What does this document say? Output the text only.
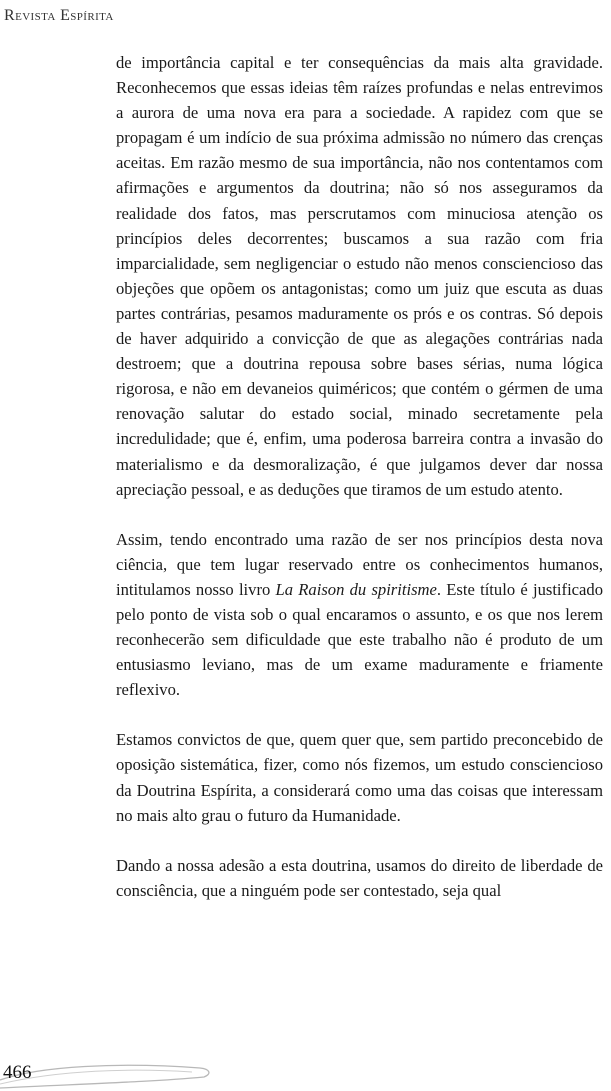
Revista Espírita

de importância capital e ter consequências da mais alta gravidade. Reconhecemos que essas ideias têm raízes profundas e nelas entrevimos a aurora de uma nova era para a sociedade. A rapidez com que se propagam é um indício de sua próxima admissão no número das crenças aceitas. Em razão mesmo de sua importância, não nos contentamos com afirmações e argumentos da doutrina; não só nos asseguramos da realidade dos fatos, mas perscrutamos com minuciosa atenção os princípios deles decorrentes; buscamos a sua razão com fria imparcialidade, sem negligenciar o estudo não menos consciencioso das objeções que opõem os antagonistas; como um juiz que escuta as duas partes contrárias, pesamos maduramente os prós e os contras. Só depois de haver adquirido a convicção de que as alegações contrárias nada destroem; que a doutrina repousa sobre bases sérias, numa lógica rigorosa, e não em devaneios quiméricos; que contém o gérmen de uma renovação salutar do estado social, minado secretamente pela incredulidade; que é, enfim, uma poderosa barreira contra a invasão do materialismo e da desmoralização, é que julgamos dever dar nossa apreciação pessoal, e as deduções que tiramos de um estudo atento.

Assim, tendo encontrado uma razão de ser nos princípios desta nova ciência, que tem lugar reservado entre os conhecimentos humanos, intitulamos nosso livro La Raison du spiritisme. Este título é justificado pelo ponto de vista sob o qual encaramos o assunto, e os que nos lerem reconhecerão sem dificuldade que este trabalho não é produto de um entusiasmo leviano, mas de um exame maduramente e friamente reflexivo.

Estamos convictos de que, quem quer que, sem partido preconcebido de oposição sistemática, fizer, como nós fizemos, um estudo consciencioso da Doutrina Espírita, a considerará como uma das coisas que interessam no mais alto grau o futuro da Humanidade.

Dando a nossa adesão a esta doutrina, usamos do direito de liberdade de consciência, que a ninguém pode ser contestado, seja qual

466
